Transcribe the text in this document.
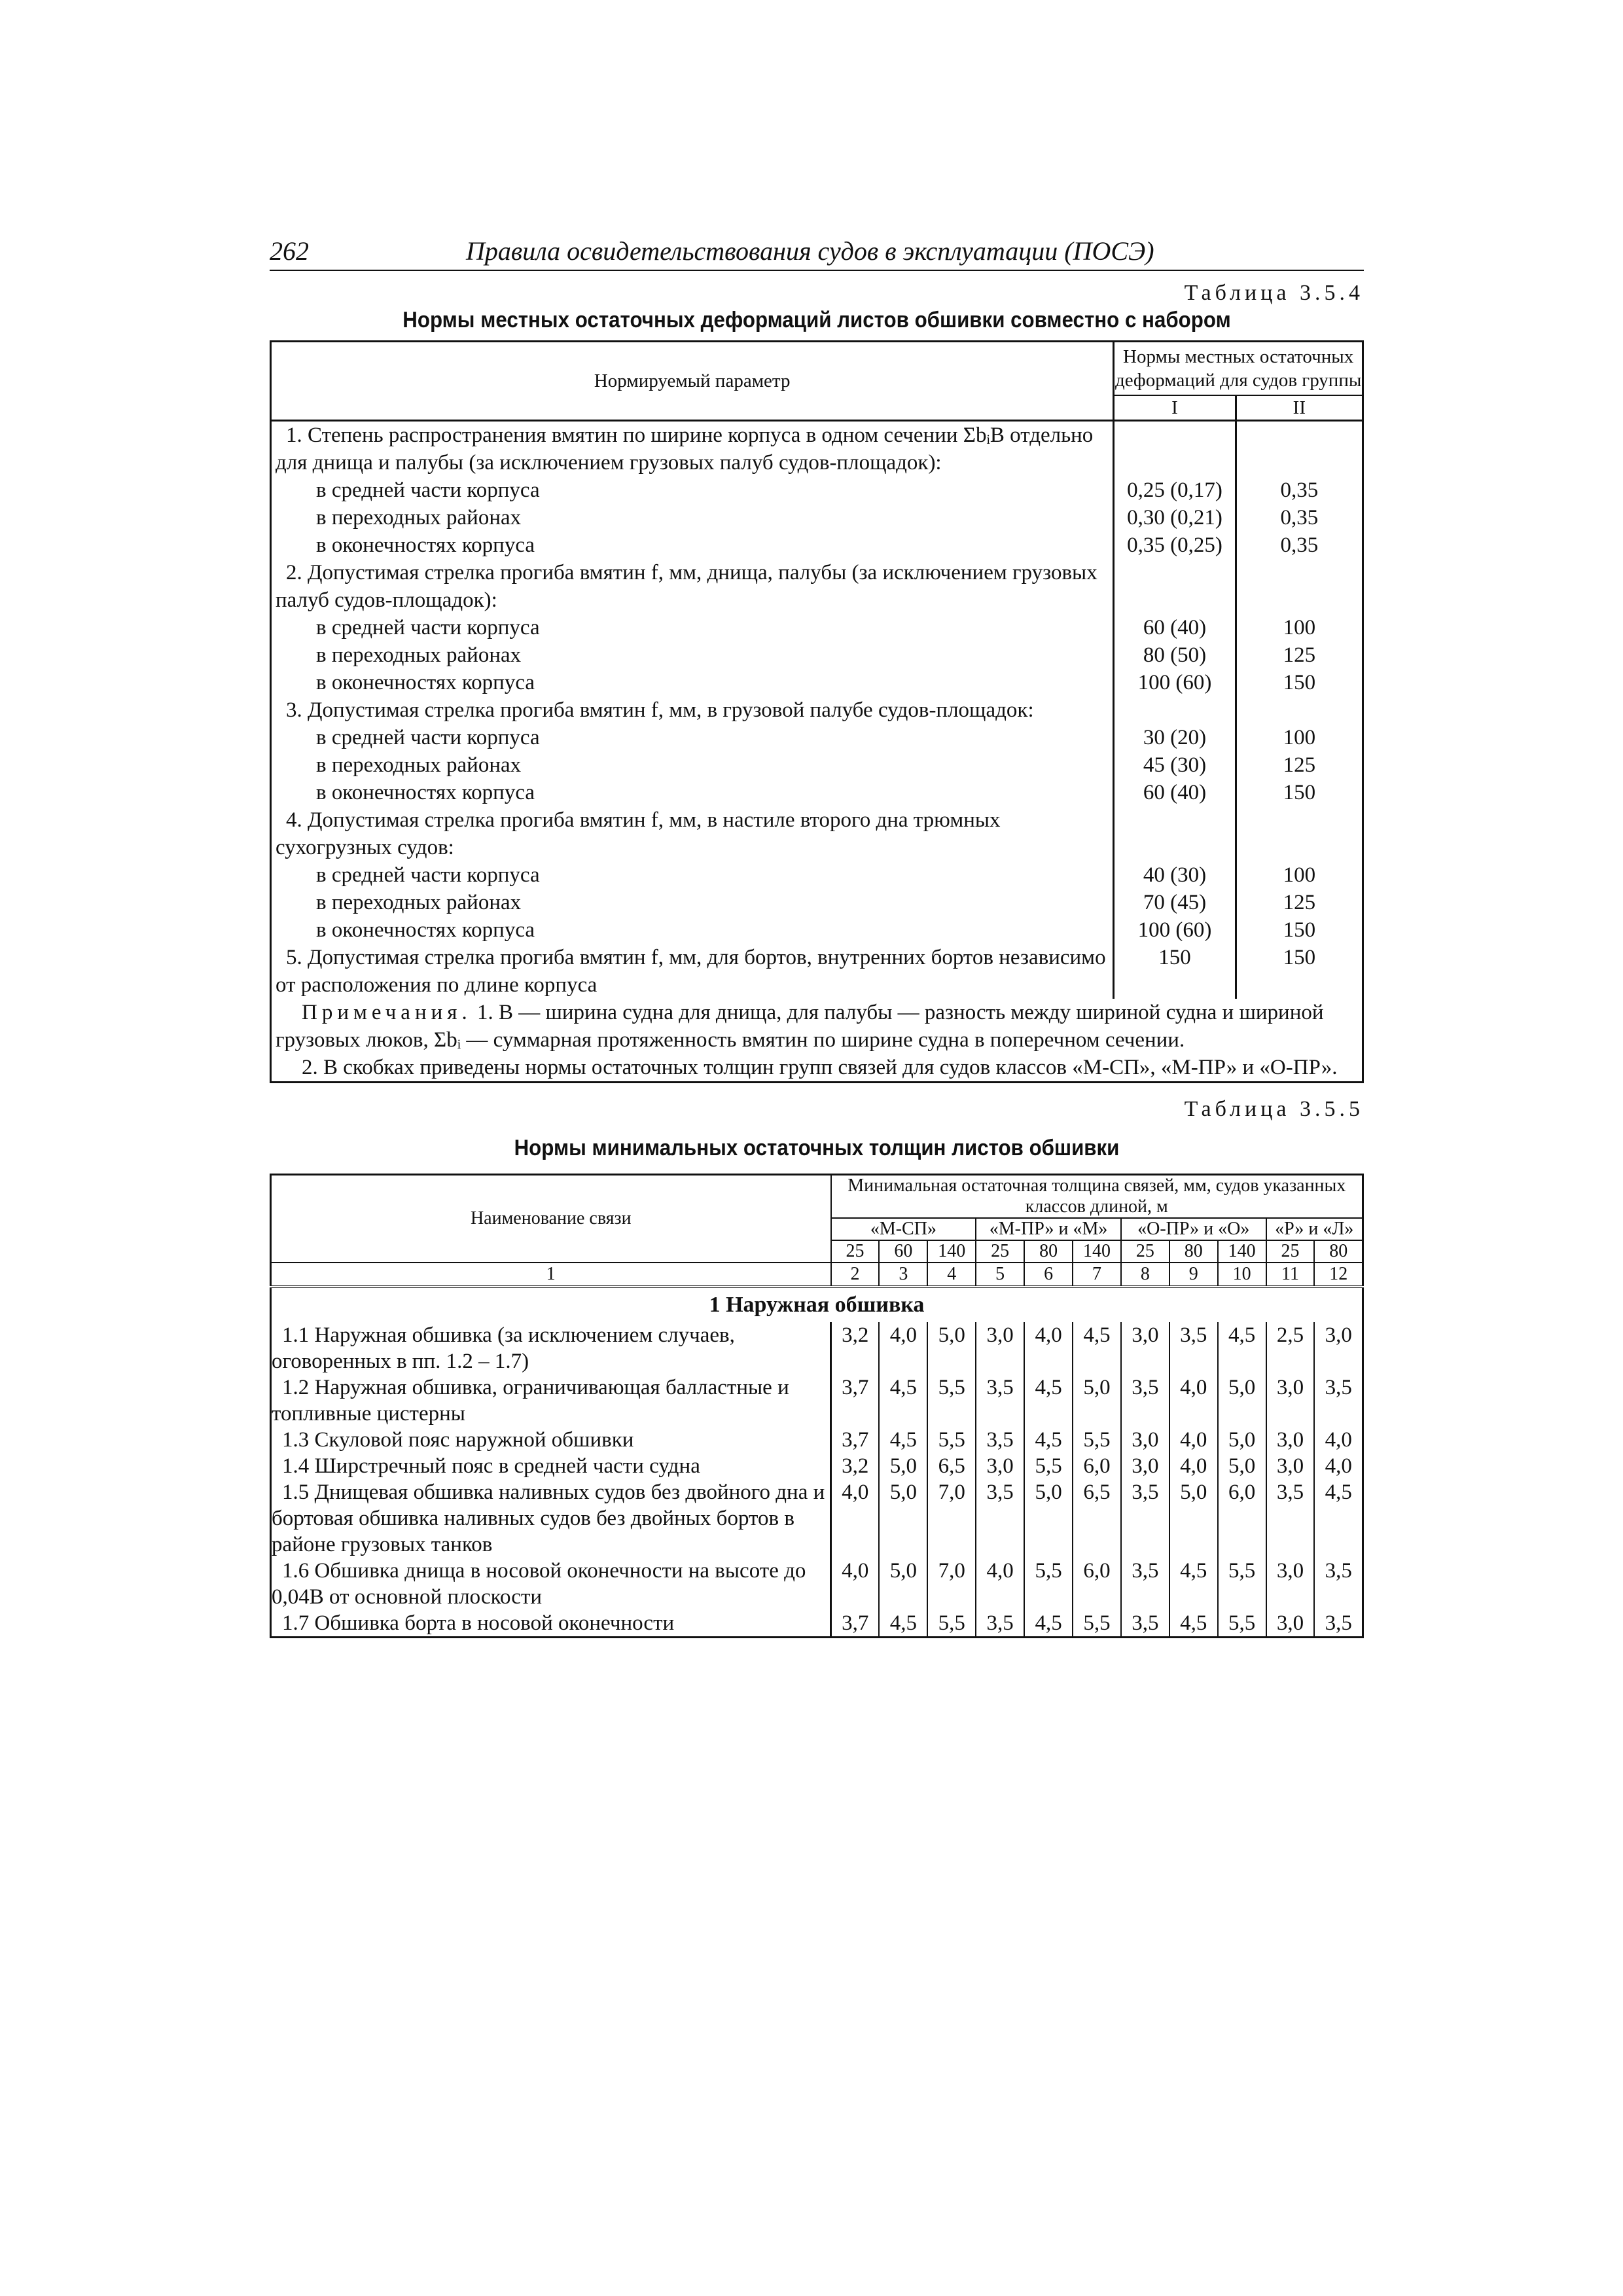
262	Правила освидетельствования судов в эксплуатации (ПОСЭ)
Таблица 3.5.4
Нормы местных остаточных деформаций листов обшивки совместно с набором
Нормируемый параметр	Нормы местных остаточных деформаций для судов группы	
	I	II
1. Степень распространения вмятин по ширине корпуса в одном сечении ΣbᵢB отдельно для днища и палубы (за исключением грузовых палуб судов-площадок):		
в средней части корпуса	0,25 (0,17)	0,35
в переходных районах	0,30 (0,21)	0,35
в оконечностях корпуса	0,35 (0,25)	0,35
2. Допустимая стрелка прогиба вмятин f, мм, днища, палубы (за исключением грузовых палуб судов-площадок):		
в средней части корпуса	60 (40)	100
в переходных районах	80 (50)	125
в оконечностях корпуса	100 (60)	150
3. Допустимая стрелка прогиба вмятин f, мм, в грузовой палубе судов-площадок:		
в средней части корпуса	30 (20)	100
в переходных районах	45 (30)	125
в оконечностях корпуса	60 (40)	150
4. Допустимая стрелка прогиба вмятин f, мм, в настиле второго дна трюмных сухогрузных судов:		
в средней части корпуса	40 (30)	100
в переходных районах	70 (45)	125
в оконечностях корпуса	100 (60)	150
5. Допустимая стрелка прогиба вмятин f, мм, для бортов, внутренних бортов независимо от расположения по длине корпуса	150	150
Примечания. 1. B — ширина судна для днища, для палубы — разность между шириной судна и шириной грузовых люков, Σbᵢ — суммарная протяженность вмятин по ширине судна в поперечном сечении.		
2. В скобках приведены нормы остаточных толщин групп связей для судов классов «М-СП», «М-ПР» и «О-ПР».		
Таблица 3.5.5
Нормы минимальных остаточных толщин листов обшивки
Наименование связи	Минимальная остаточная толщина связей, мм, судов указанных классов длиной, м										
	«М-СП»			«М-ПР» и «М»			«О-ПР» и «О»			«Р» и «Л»	
	25	60	140	25	80	140	25	80	140	25	80
1	2	3	4	5	6	7	8	9	10	11	12
1 Наружная обшивка											
1.1 Наружная обшивка (за исключением случаев, оговоренных в пп. 1.2 – 1.7)	3,2	4,0	5,0	3,0	4,0	4,5	3,0	3,5	4,5	2,5	3,0
1.2 Наружная обшивка, ограничивающая балластные и топливные цистерны	3,7	4,5	5,5	3,5	4,5	5,0	3,5	4,0	5,0	3,0	3,5
1.3 Скуловой пояс наружной обшивки	3,7	4,5	5,5	3,5	4,5	5,5	3,0	4,0	5,0	3,0	4,0
1.4 Ширстречный пояс в средней части судна	3,2	5,0	6,5	3,0	5,5	6,0	3,0	4,0	5,0	3,0	4,0
1.5 Днищевая обшивка наливных судов без двойного дна и бортовая обшивка наливных судов без двойных бортов в районе грузовых танков	4,0	5,0	7,0	3,5	5,0	6,5	3,5	5,0	6,0	3,5	4,5
1.6 Обшивка днища в носовой оконечности на высоте до 0,04B от основной плоскости	4,0	5,0	7,0	4,0	5,5	6,0	3,5	4,5	5,5	3,0	3,5
1.7 Обшивка борта в носовой оконечности	3,7	4,5	5,5	3,5	4,5	5,5	3,5	4,5	5,5	3,0	3,5
